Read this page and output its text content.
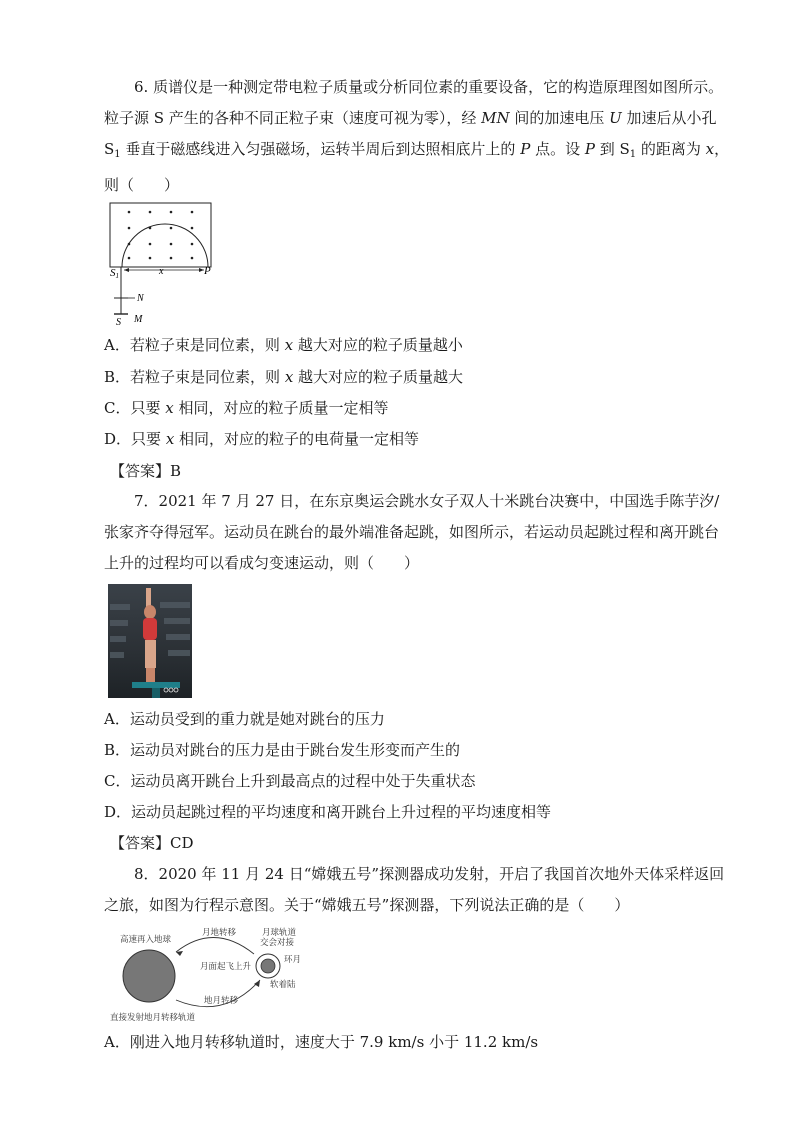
6. 质谱仪是一种测定带电粒子质量或分析同位素的重要设备，它的构造原理图如图所示。粒子源 S 产生的各种不同正粒子束（速度可视为零），经 MN 间的加速电压 U 加速后从小孔 $S_1$ 垂直于磁感线进入匀强磁场，运转半周后到达照相底片上的 P 点。设 P 到 $S_1$ 的距离为 x，则（　　）

S1	x	P
N
S M

A．若粒子束是同位素，则 x 越大对应的粒子质量越小

B．若粒子束是同位素，则 x 越大对应的粒子质量越大

C．只要 x 相同，对应的粒子质量一定相等

D．只要 x 相同，对应的粒子的电荷量一定相等

【答案】B

7．2021 年 7 月 27 日，在东京奥运会跳水女子双人十米跳台决赛中，中国选手陈芋汐/张家齐夺得冠军。运动员在跳台的最外端准备起跳，如图所示，若运动员起跳过程和离开跳台上升的过程均可以看成匀变速运动，则（　　）

A．运动员受到的重力就是她对跳台的压力

B．运动员对跳台的压力是由于跳台发生形变而产生的

C．运动员离开跳台上升到最高点的过程中处于失重状态

D．运动员起跳过程的平均速度和离开跳台上升过程的平均速度相等

【答案】CD

8．2020 年 11 月 24 日“嫦娥五号”探测器成功发射，开启了我国首次地外天体采样返回之旅，如图为行程示意图。关于“嫦娥五号”探测器，下列说法正确的是（　　）

高速再入地球
月地转移	月球轨道
交会对接
月面起飞上升
环月
软着陆
地月转移
直接发射地月转移轨道

A．刚进入地月转移轨道时，速度大于 7.9 km/s 小于 11.2 km/s
